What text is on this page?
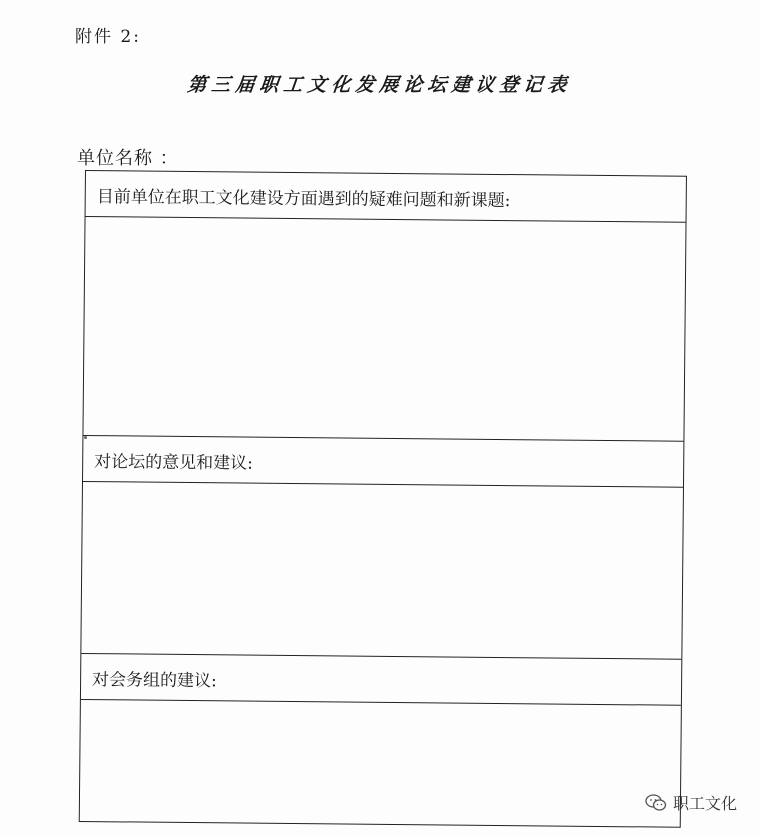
附件 2:
第三届职工文化发展论坛建议登记表
单位名称 ：
目前单位在职工文化建设方面遇到的疑难问题和新课题:
对论坛的意见和建议:
对会务组的建议:
职工文化
